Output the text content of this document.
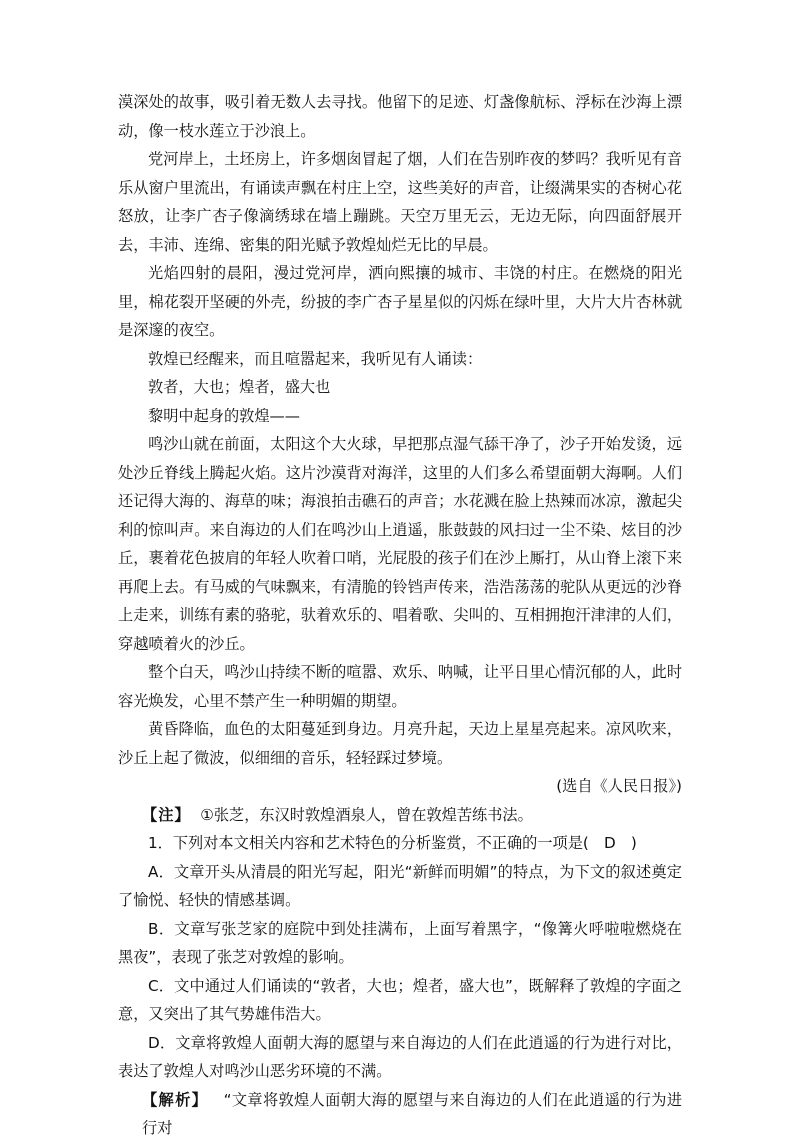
漠深处的故事，吸引着无数人去寻找。他留下的足迹、灯盏像航标、浮标在沙海上漂动，像一枝水莲立于沙浪上。

党河岸上，土坯房上，许多烟囱冒起了烟，人们在告别昨夜的梦吗？我听见有音乐从窗户里流出，有诵读声飘在村庄上空，这些美好的声音，让缀满果实的杏树心花怒放，让李广杏子像滴绣球在墙上蹦跳。天空万里无云，无边无际，向四面舒展开去，丰沛、连绵、密集的阳光赋予敦煌灿烂无比的早晨。

光焰四射的晨阳，漫过党河岸，洒向熙攘的城市、丰饶的村庄。在燃烧的阳光里，棉花裂开坚硬的外壳，纷披的李广杏子星星似的闪烁在绿叶里，大片大片杏林就是深邃的夜空。

敦煌已经醒来，而且喧嚣起来，我听见有人诵读：

敦者，大也；煌者，盛大也

黎明中起身的敦煌——

鸣沙山就在前面，太阳这个大火球，早把那点湿气舔干净了，沙子开始发烫，远处沙丘脊线上腾起火焰。这片沙漠背对海洋，这里的人们多么希望面朝大海啊。人们还记得大海的、海草的味；海浪拍击礁石的声音；水花溅在脸上热辣而冰凉，激起尖利的惊叫声。来自海边的人们在鸣沙山上逍遥，胀鼓鼓的风扫过一尘不染、炫目的沙丘，裹着花色披肩的年轻人吹着口哨，光屁股的孩子们在沙上厮打，从山脊上滚下来再爬上去。有马威的气味飘来，有清脆的铃铛声传来，浩浩荡荡的驼队从更远的沙脊上走来，训练有素的骆驼，驮着欢乐的、唱着歌、尖叫的、互相拥抱汗津津的人们，穿越喷着火的沙丘。

整个白天，鸣沙山持续不断的喧嚣、欢乐、呐喊，让平日里心情沉郁的人，此时容光焕发，心里不禁产生一种明媚的期望。

黄昏降临，血色的太阳蔓延到身边。月亮升起，天边上星星亮起来。凉风吹来，沙丘上起了微波，似细细的音乐，轻轻踩过梦境。

(选自《人民日报》)

【注】 ①张芝，东汉时敦煌酒泉人，曾在敦煌苦练书法。

1．下列对本文相关内容和艺术特色的分析鉴赏，不正确的一项是(　D　)

A．文章开头从清晨的阳光写起，阳光“新鲜而明媚”的特点，为下文的叙述奠定了愉悦、轻快的情感基调。

B．文章写张芝家的庭院中到处挂满布，上面写着黑字，“像篝火呼啦啦燃烧在黑夜”，表现了张芝对敦煌的影响。

C．文中通过人们诵读的“敦者，大也；煌者，盛大也”，既解释了敦煌的字面之意，又突出了其气势雄伟浩大。

D．文章将敦煌人面朝大海的愿望与来自海边的人们在此逍遥的行为进行对比，表达了敦煌人对鸣沙山恶劣环境的不满。

【解析】 “文章将敦煌人面朝大海的愿望与来自海边的人们在此逍遥的行为进行对
